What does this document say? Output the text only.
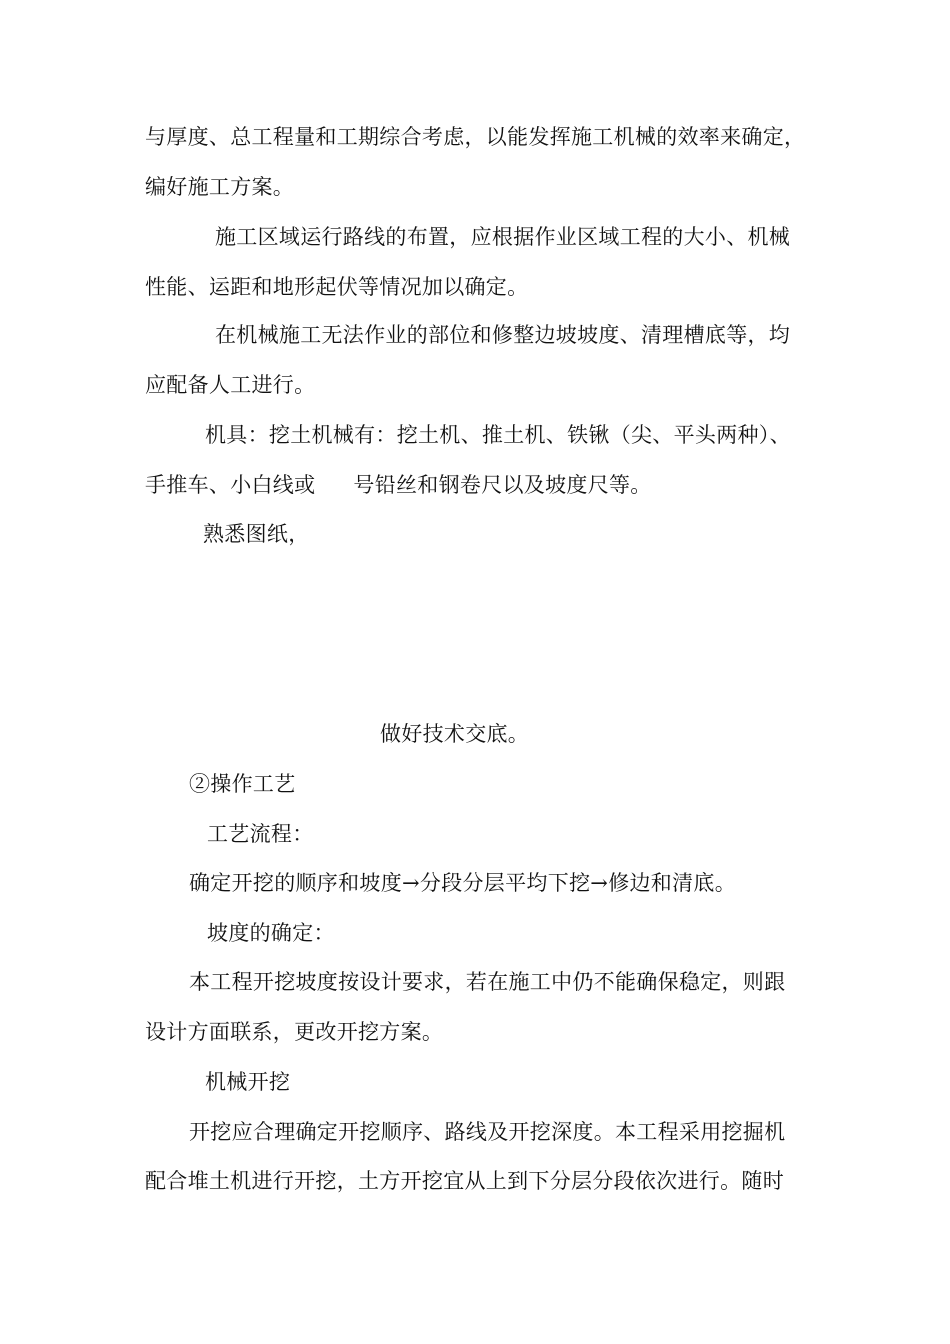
与厚度、总工程量和工期综合考虑，以能发挥施工机械的效率来确定，
编好施工方案。
施工区域运行路线的布置，应根据作业区域工程的大小、机械
性能、运距和地形起伏等情况加以确定。
在机械施工无法作业的部位和修整边坡坡度、清理槽底等，均
应配备人工进行。
机具：挖土机械有：挖土机、推土机、铁锹（尖、平头两种）、
手推车、小白线或 号铅丝和钢卷尺以及坡度尺等。
熟悉图纸，
做好技术交底。
②操作工艺
工艺流程：
确定开挖的顺序和坡度→分段分层平均下挖→修边和清底。
坡度的确定：
本工程开挖坡度按设计要求，若在施工中仍不能确保稳定，则跟
设计方面联系，更改开挖方案。
机械开挖
开挖应合理确定开挖顺序、路线及开挖深度。本工程采用挖掘机
配合堆土机进行开挖，土方开挖宜从上到下分层分段依次进行。随时
